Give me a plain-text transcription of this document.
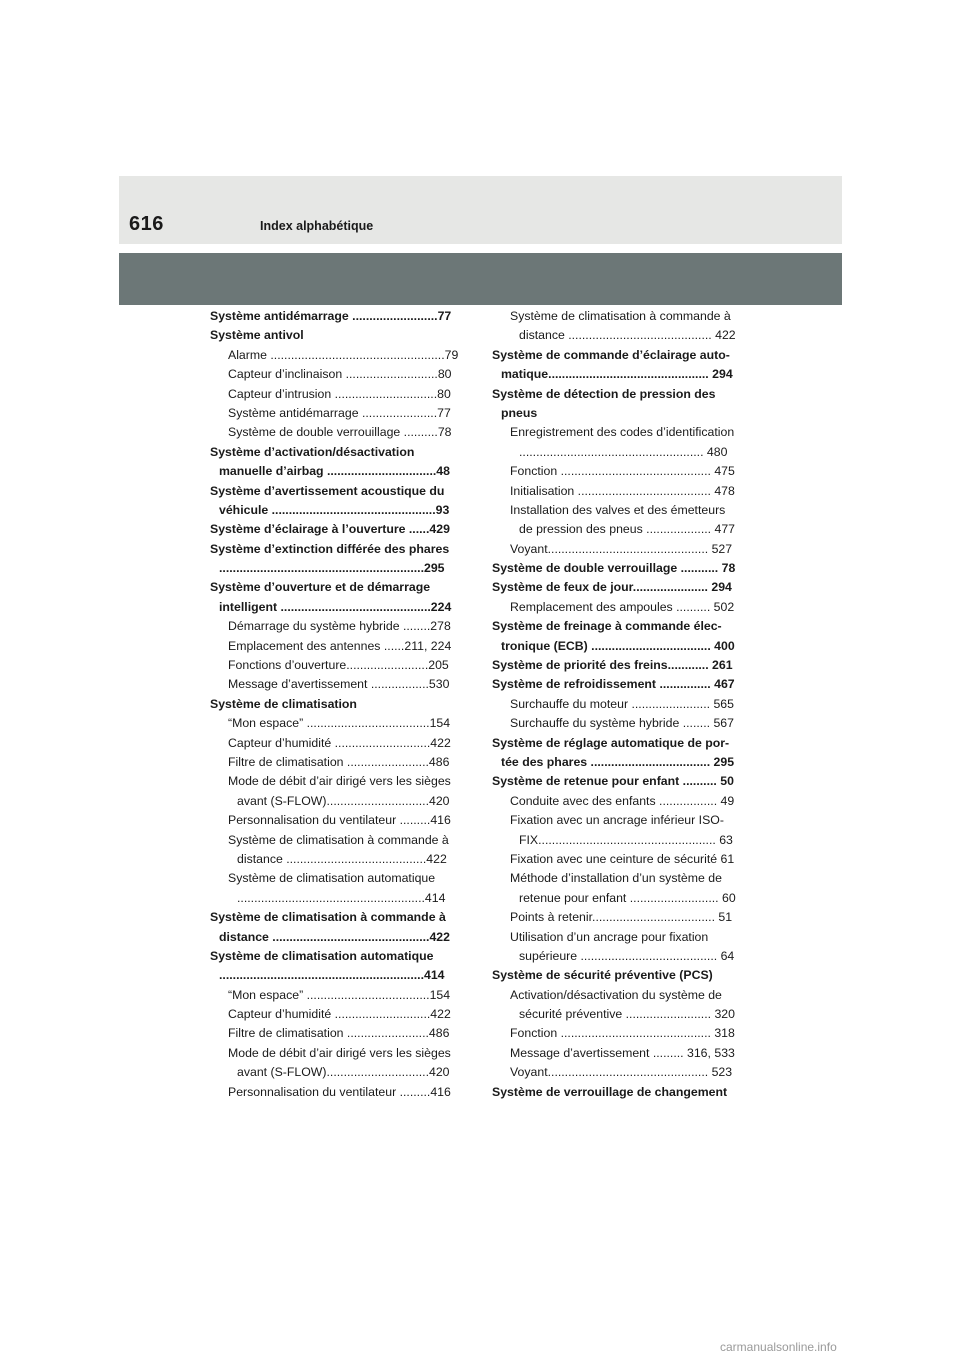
616	Index alphabétique
Système antidémarrage .........................77
Système antivol
Alarme ...................................................79
Capteur d’inclinaison ...........................80
Capteur d’intrusion ..............................80
Système antidémarrage ......................77
Système de double verrouillage ..........78
Système d’activation/désactivation
manuelle d’airbag ................................48
Système d’avertissement acoustique du
véhicule ................................................93
Système d’éclairage à l’ouverture ......429
Système d’extinction différée des phares
............................................................295
Système d’ouverture et de démarrage
intelligent ............................................224
Démarrage du système hybride ........278
Emplacement des antennes ......211, 224
Fonctions d’ouverture........................205
Message d’avertissement .................530
Système de climatisation
“Mon espace” ....................................154
Capteur d’humidité ............................422
Filtre de climatisation ........................486
Mode de débit d’air dirigé vers les sièges
avant (S-FLOW)..............................420
Personnalisation du ventilateur .........416
Système de climatisation à commande à
distance .........................................422
Système de climatisation automatique
.......................................................414
Système de climatisation à commande à
distance ..............................................422
Système de climatisation automatique
............................................................414
“Mon espace” ....................................154
Capteur d’humidité ............................422
Filtre de climatisation ........................486
Mode de débit d’air dirigé vers les sièges
avant (S-FLOW)..............................420
Personnalisation du ventilateur .........416
Système de climatisation à commande à
distance .......................................... 422
Système de commande d’éclairage auto-
matique............................................... 294
Système de détection de pression des
pneus
Enregistrement des codes d’identification
...................................................... 480
Fonction ............................................ 475
Initialisation ....................................... 478
Installation des valves et des émetteurs
de pression des pneus ................... 477
Voyant............................................... 527
Système de double verrouillage ........... 78
Système de feux de jour...................... 294
Remplacement des ampoules .......... 502
Système de freinage à commande élec-
tronique (ECB) ................................... 400
Système de priorité des freins............ 261
Système de refroidissement ............... 467
Surchauffe du moteur ....................... 565
Surchauffe du système hybride ........ 567
Système de réglage automatique de por-
tée des phares ................................... 295
Système de retenue pour enfant .......... 50
Conduite avec des enfants ................. 49
Fixation avec un ancrage inférieur ISO-
FIX.................................................... 63
Fixation avec une ceinture de sécurité 61
Méthode d’installation d’un système de
retenue pour enfant .......................... 60
Points à retenir.................................... 51
Utilisation d’un ancrage pour fixation
supérieure ........................................ 64
Système de sécurité préventive (PCS)
Activation/désactivation du système de
sécurité préventive ......................... 320
Fonction ............................................ 318
Message d’avertissement ......... 316, 533
Voyant............................................... 523
Système de verrouillage de changement
carmanualsonline.info
